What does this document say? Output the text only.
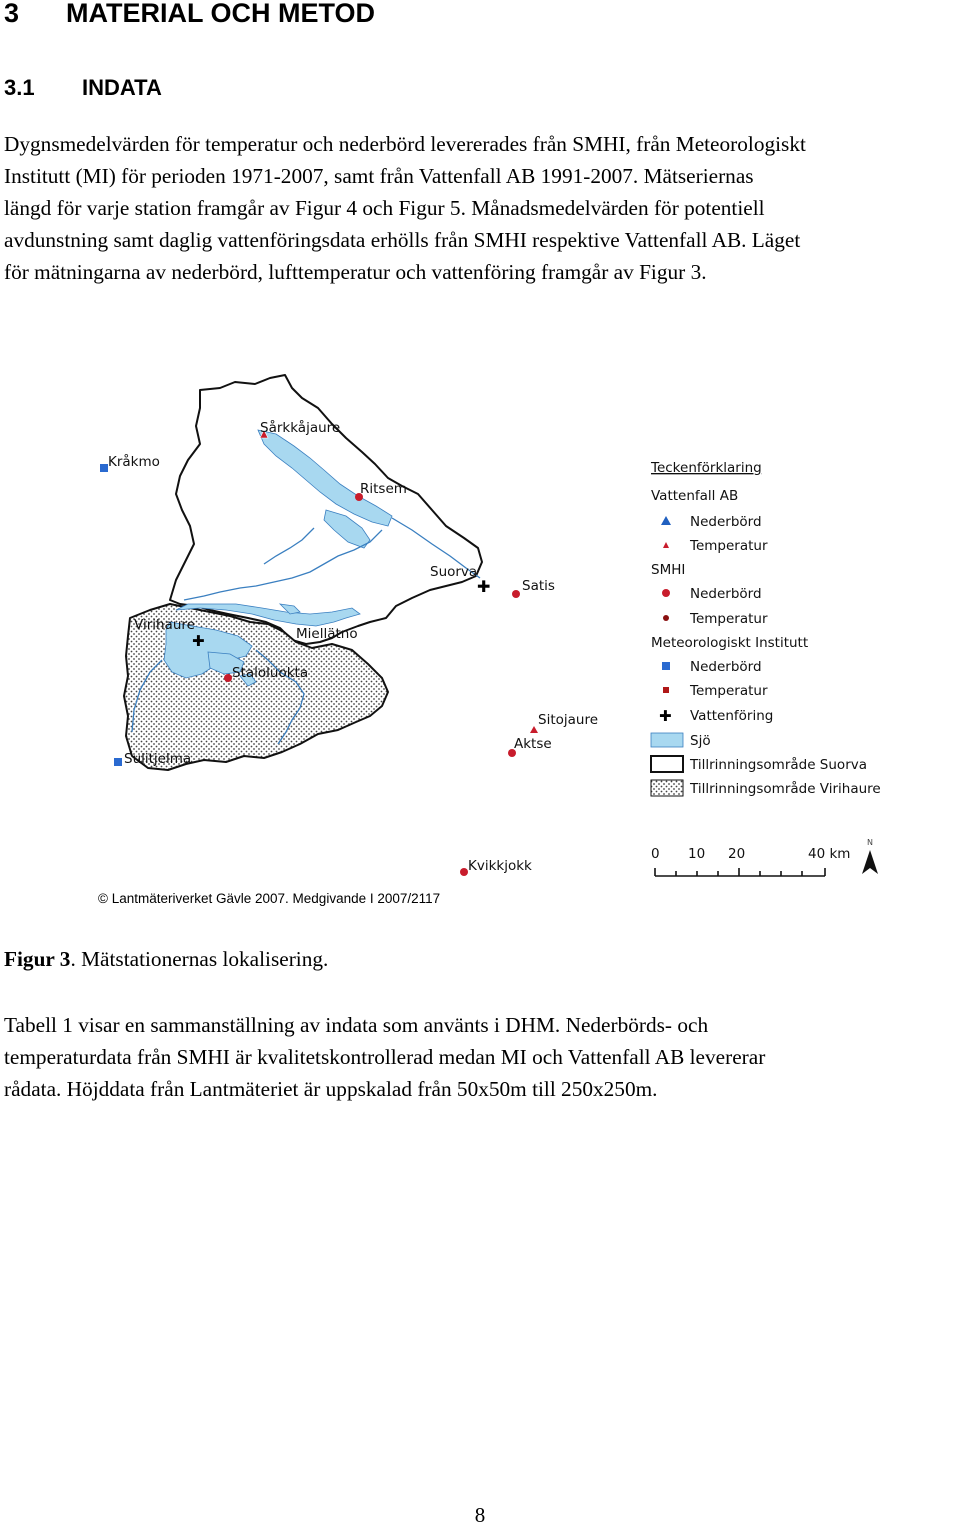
3 MATERIAL OCH METOD
3.1 INDATA

Dygnsmedelvärden för temperatur och nederbörd levererades från SMHI, från Meteorologiskt
Institutt (MI) för perioden 1971-2007, samt från Vattenfall AB 1991-2007. Mätseriernas
längd för varje station framgår av Figur 4 och Figur 5. Månadsmedelvärden för potentiell
avdunstning samt daglig vattenföringsdata erhölls från SMHI respektive Vattenfall AB. Läget
för mätningarna av nederbörd, lufttemperatur och vattenföring framgår av Figur 3.

✚
✚
Sårkkåjaure
Kråkmo
Ritsem
Suorva
Satis
Virihaure
Miellätno
Staloluokta
Sitojaure
Aktse
Sulitjelma
Kvikkjokk
Teckenförklaring
Vattenfall AB
Nederbörd
Temperatur
SMHI
Nederbörd
Temperatur
Meteorologiskt Institutt
Nederbörd
Temperatur
✚ Vattenföring
Sjö
Tillrinningsområde Suorva
Tillrinningsområde Virihaure
0 10 20	40 km
N
© Lantmäteriverket Gävle 2007. Medgivande I 2007/2117

Figur 3. Mätstationernas lokalisering.

Tabell 1 visar en sammanställning av indata som använts i DHM. Nederbörds- och
temperaturdata från SMHI är kvalitetskontrollerad medan MI och Vattenfall AB levererar
rådata. Höjddata från Lantmäteriet är uppskalad från 50x50m till 250x250m.

8
